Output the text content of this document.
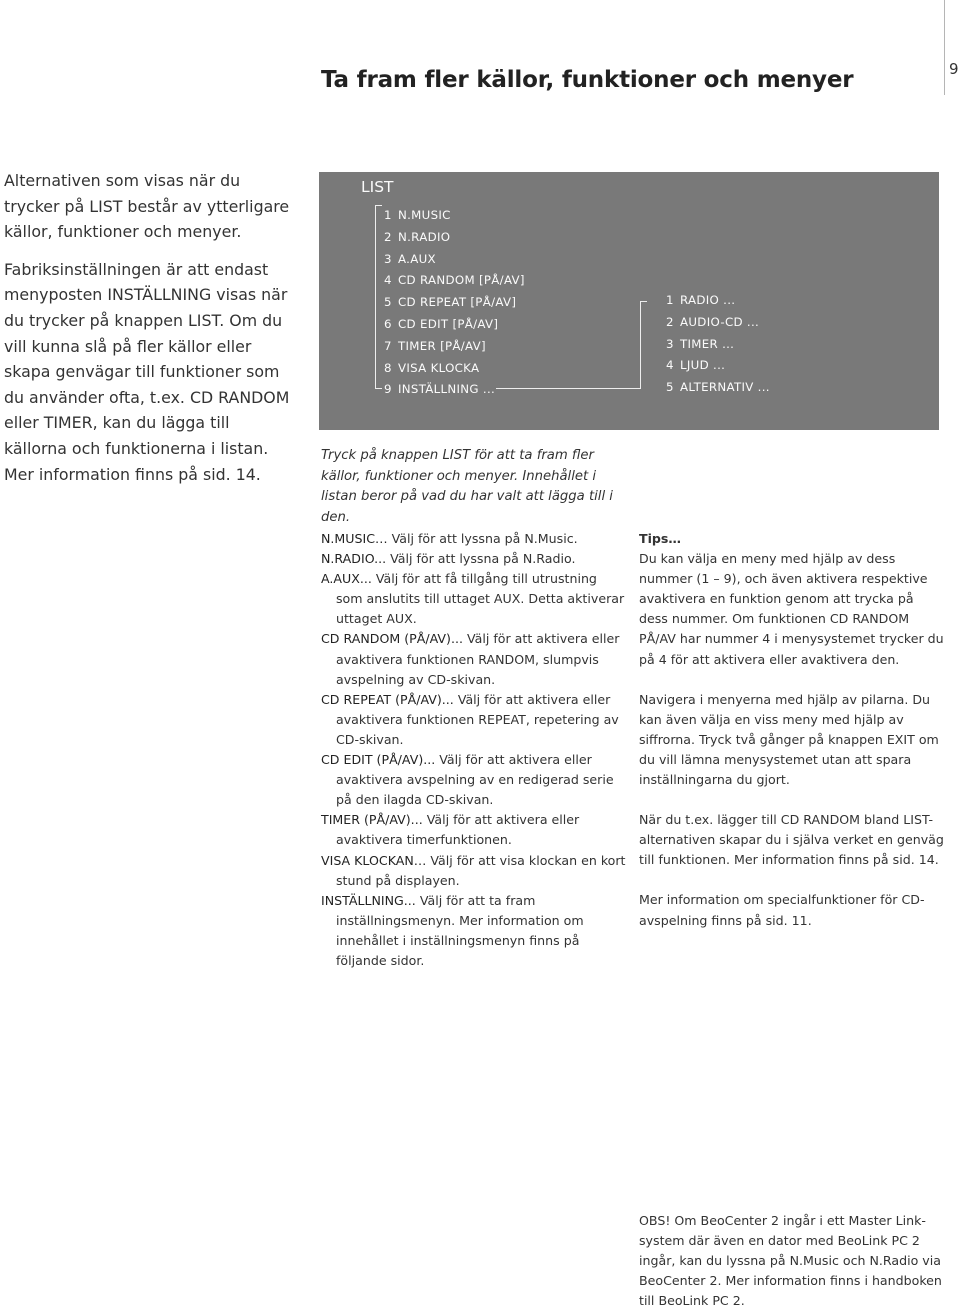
Ta fram fler källor, funktioner och menyer	9

Alternativen som visas när du trycker på LIST består av ytterligare källor, funktioner och menyer.

Fabriksinställningen är att endast menyposten INSTÄLLNING visas när du trycker på knappen LIST. Om du vill kunna slå på fler källor eller skapa genvägar till funktioner som du använder ofta, t.ex. CD RANDOM eller TIMER, kan du lägga till källorna och funktionerna i listan. Mer information finns på sid. 14.

LIST
1 N.MUSIC
2 N.RADIO
3 A.AUX
4 CD RANDOM [PÅ/AV]
5 CD REPEAT [PÅ/AV]
6 CD EDIT [PÅ/AV]
7 TIMER [PÅ/AV]
8 VISA KLOCKA
9 INSTÄLLNING ...
1 RADIO ...
2 AUDIO-CD ...
3 TIMER ...
4 LJUD ...
5 ALTERNATIV ...
Tryck på knappen LIST för att ta fram fler källor, funktioner och menyer. Innehållet i listan beror på vad du har valt att lägga till i den.
N.MUSIC… Välj för att lyssna på N.Music.
N.RADIO... Välj för att lyssna på N.Radio.
A.AUX... Välj för att få tillgång till utrustning som anslutits till uttaget AUX. Detta aktiverar uttaget AUX.
CD RANDOM (PÅ/AV)... Välj för att aktivera eller avaktivera funktionen RANDOM, slumpvis avspelning av CD-skivan.
CD REPEAT (PÅ/AV)... Välj för att aktivera eller avaktivera funktionen REPEAT, repetering av CD-skivan.
CD EDIT (PÅ/AV)... Välj för att aktivera eller avaktivera avspelning av en redigerad serie på den ilagda CD-skivan.
TIMER (PÅ/AV)... Välj för att aktivera eller avaktivera timerfunktionen.
VISA KLOCKAN… Välj för att visa klockan en kort stund på displayen.
INSTÄLLNING... Välj för att ta fram inställningsmenyn. Mer information om innehållet i inställningsmenyn finns på följande sidor.
Tips…

Du kan välja en meny med hjälp av dess nummer (1 – 9), och även aktivera respektive avaktivera en funktion genom att trycka på dess nummer. Om funktionen CD RANDOM PÅ/AV har nummer 4 i menysystemet trycker du på 4 för att aktivera eller avaktivera den.

Navigera i menyerna med hjälp av pilarna. Du kan även välja en viss meny med hjälp av siffrorna. Tryck två gånger på knappen EXIT om du vill lämna menysystemet utan att spara inställningarna du gjort.

När du t.ex. lägger till CD RANDOM bland LIST-alternativen skapar du i själva verket en genväg till funktionen. Mer information finns på sid. 14.

Mer information om specialfunktioner för CD-avspelning finns på sid. 11.

OBS! Om BeoCenter 2 ingår i ett Master Link-system där även en dator med BeoLink PC 2 ingår, kan du lyssna på N.Music och N.Radio via BeoCenter 2. Mer information finns i handboken till BeoLink PC 2.
